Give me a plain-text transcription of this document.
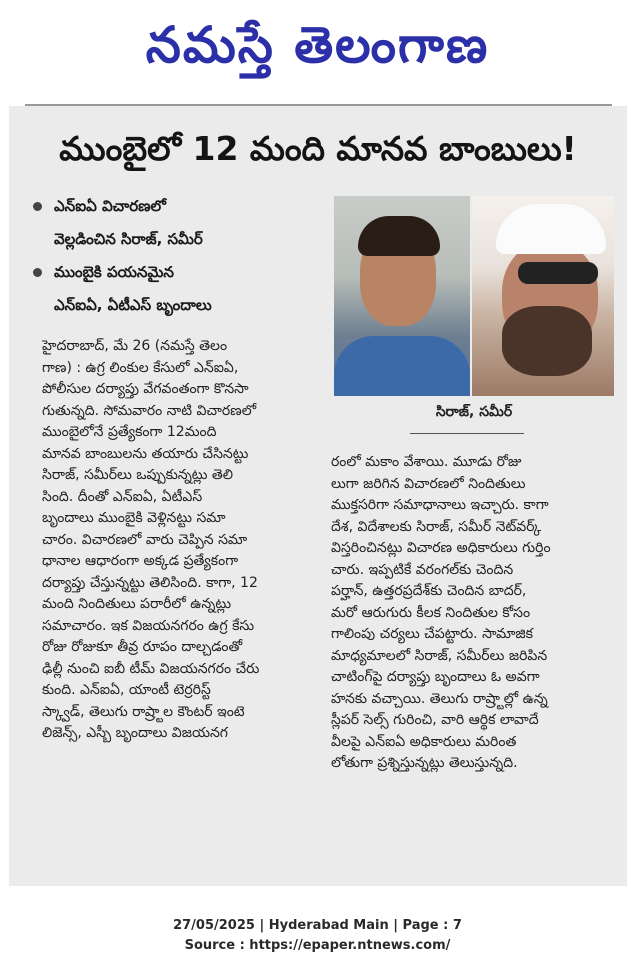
నమస్తే తెలంగాణ
ముంబైలో 12 మంది మానవ బాంబులు!
ఎన్ఐఏ విచారణలో
వెల్లడించిన సిరాజ్, సమీర్
ముంబైకి పయనమైన
ఎన్ఐఏ, ఏటీఎస్ బృందాలు
సిరాజ్, సమీర్
హైదరాబాద్, మే 26 (నమస్తే తెలం
గాణ) : ఉగ్ర లింకుల కేసులో ఎన్ఐఏ,
పోలీసుల దర్యాప్తు వేగవంతంగా కొనసా
గుతున్నది. సోమవారం నాటి విచారణలో
ముంబైలోనే ప్రత్యేకంగా 12మంది
మానవ బాంబులను తయారు చేసినట్టు
సిరాజ్, సమీర్‌లు ఒప్పుకున్నట్లు తెలి
సింది. దీంతో ఎన్ఐఏ, ఏటీఎస్
బృందాలు ముంబైకి వెళ్లినట్టు సమా
చారం. విచారణలో వారు చెప్పిన సమా
ధానాల ఆధారంగా అక్కడ ప్రత్యేకంగా
దర్యాప్తు చేస్తున్నట్టు తెలిసింది. కాగా, 12
మంది నిందితులు పరారీలో ఉన్నట్లు
సమాచారం. ఇక విజయనగరం ఉగ్ర కేసు
రోజు రోజుకూ తీవ్ర రూపం దాల్చడంతో
ఢిల్లీ నుంచి ఐబీ టీమ్ విజయనగరం చేరు
కుంది. ఎన్ఐఏ, యాంటీ టెర్రరిస్ట్
స్క్వాడ్, తెలుగు రాష్ర్టాల కౌంటర్ ఇంటె
లిజెన్స్, ఎస్బీ బృందాలు విజయనగ
రంలో మకాం వేశాయి. మూడు రోజు
లుగా జరిగిన విచారణలో నిందితులు
ముక్తసరిగా సమాధానాలు ఇచ్చారు. కాగా
దేశ, విదేశాలకు సిరాజ్, సమీర్ నెట్‌వర్క్
విస్తరించినట్లు విచారణ అధికారులు గుర్తిం
చారు. ఇప్పటికే వరంగల్‌కు చెందిన
పర్హాన్, ఉత్తరప్రదేశ్‌కు చెందిన బాదర్,
మరో ఆరుగురు కీలక నిందితుల కోసం
గాలింపు చర్యలు చేపట్టారు. సామాజిక
మాధ్యమాలలో సిరాజ్, సమీర్‌లు జరిపిన
చాటింగ్‌పై దర్యాప్తు బృందాలు ఓ అవగా
హనకు వచ్చాయి. తెలుగు రాష్ర్టాల్లో ఉన్న
స్లీపర్ సెల్స్ గురించి, వారి ఆర్థిక లావాదే
వీలపై ఎన్ఐఏ అధికారులు మరింత
లోతుగా ప్రశ్నిస్తున్నట్లు తెలుస్తున్నది.
27/05/2025 | Hyderabad Main | Page : 7
Source : https://epaper.ntnews.com/
